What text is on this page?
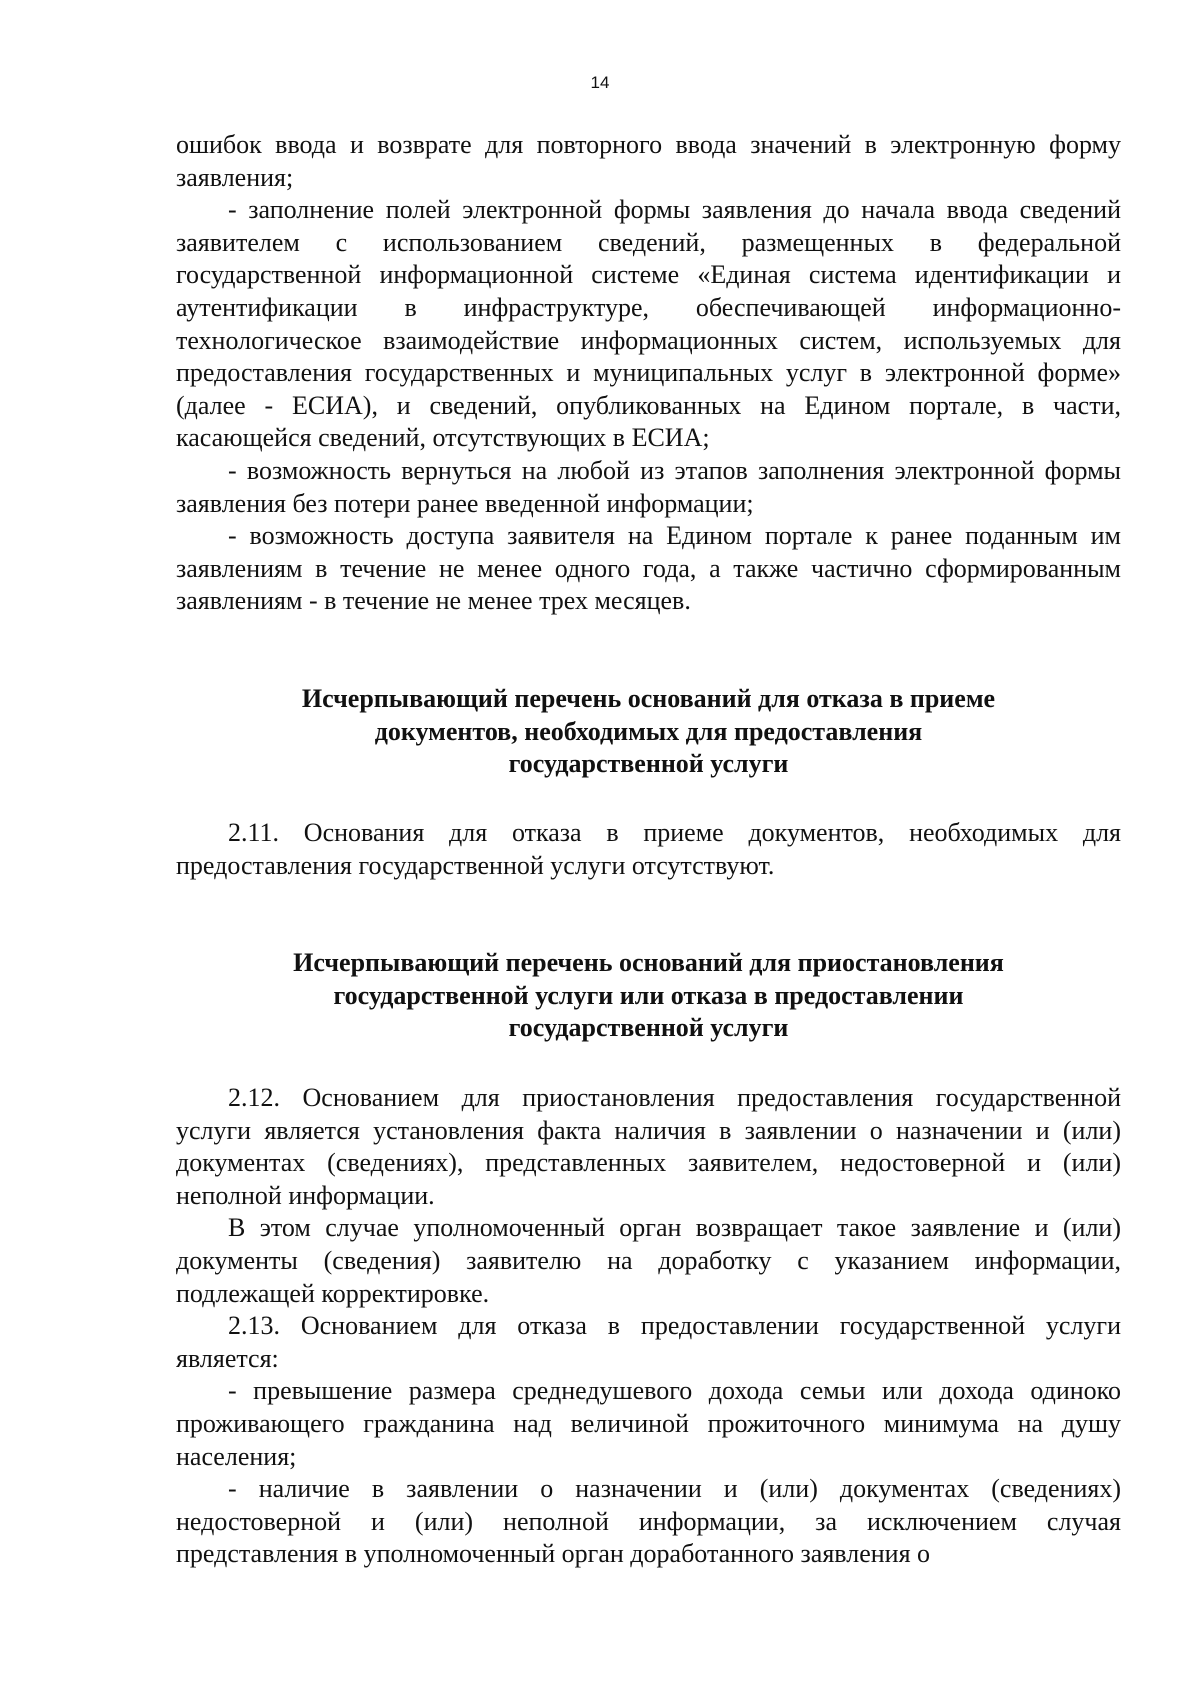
14

ошибок ввода и возврате для повторного ввода значений в электронную форму заявления;

- заполнение полей электронной формы заявления до начала ввода сведений заявителем с использованием сведений, размещенных в федеральной государственной информационной системе «Единая система идентификации и аутентификации в инфраструктуре, обеспечивающей информационно-технологическое взаимодействие информационных систем, используемых для предоставления государственных и муниципальных услуг в электронной форме» (далее - ЕСИА), и сведений, опубликованных на Едином портале, в части, касающейся сведений, отсутствующих в ЕСИА;

- возможность вернуться на любой из этапов заполнения электронной формы заявления без потери ранее введенной информации;

- возможность доступа заявителя на Едином портале к ранее поданным им заявлениям в течение не менее одного года, а также частично сформированным заявлениям - в течение не менее трех месяцев.

Исчерпывающий перечень оснований для отказа в приеме
документов, необходимых для предоставления
государственной услуги

2.11. Основания для отказа в приеме документов, необходимых для предоставления государственной услуги отсутствуют.

Исчерпывающий перечень оснований для приостановления
государственной услуги или отказа в предоставлении
государственной услуги

2.12. Основанием для приостановления предоставления государственной услуги является установления факта наличия в заявлении о назначении и (или) документах (сведениях), представленных заявителем, недостоверной и (или) неполной информации.

В этом случае уполномоченный орган возвращает такое заявление и (или) документы (сведения) заявителю на доработку с указанием информации, подлежащей корректировке.

2.13. Основанием для отказа в предоставлении государственной услуги является:

- превышение размера среднедушевого дохода семьи или дохода одиноко проживающего гражданина над величиной прожиточного минимума на душу населения;

- наличие в заявлении о назначении и (или) документах (сведениях) недостоверной и (или) неполной информации, за исключением случая представления в уполномоченный орган доработанного заявления о
